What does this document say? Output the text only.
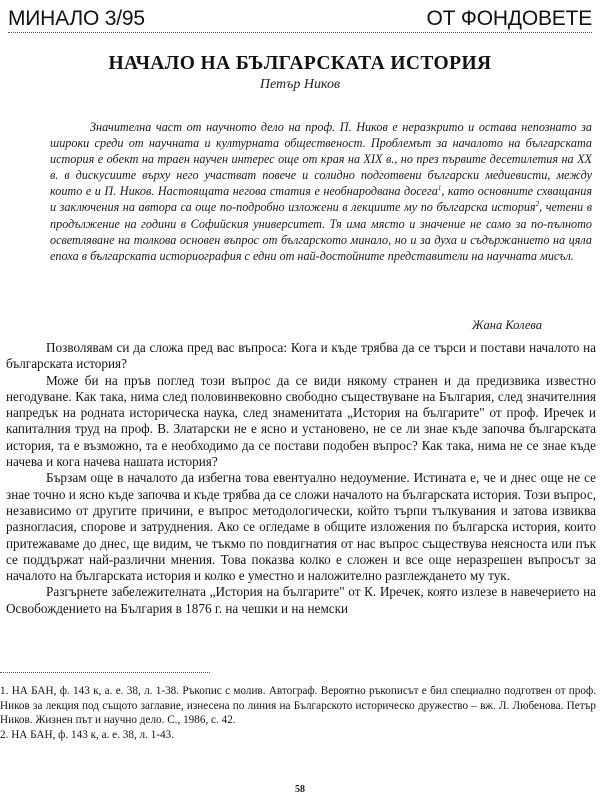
МИНАЛО 3/95	ОТ ФОНДОВЕТЕ
НАЧАЛО НА БЪЛГАРСКАТА ИСТОРИЯ
Петър Ников

Значителна част от научното дело на проф. П. Ников е неразкрито и остава непознато за широки среди от научната и културната общественост. Проблемът за началото на българската история е обект на траен научен интерес още от края на XIX в., но през първите десетилетия на XX в. в дискусиите върху него участват повече и солидно подготвени български медиевисти, между които е и П. Ников. Настоящата негова статия е необнародвана досега$^1$, като основните схващания и заключения на автора са още по-подробно изложени в лекциите му по българска история$^2$, четени в продължение на години в Софийския университет. Тя има място и значение не само за по-пълното осветляване на толкова основен въпрос от българското минало, но и за духа и съдържанието на цяла епоха в българската историография с едни от най-достойните представители на научната мисъл.

Жана Колева

Позволявам си да сложа пред вас въпроса: Кога и къде трябва да се търси и постави началото на българската история?

Може би на пръв поглед този въпрос да се види някому странен и да предизвика известно негодуване. Как така, нима след половинвековно свободно съществуване на България, след значителния напредък на родната историческа наука, след знаменитата „История на българите" от проф. Иречек и капиталния труд на проф. В. Златарски не е ясно и установено, не се ли знае къде започва българската история, та е възможно, та е необходимо да се постави подобен въпрос? Как така, нима не се знае къде начева и кога начева нашата история?

Бързам още в началото да избегна това евентуално недоумение. Истината е, че и днес още не се знае точно и ясно къде започва и къде трябва да се сложи началото на българската история. Този въпрос, независимо от другите причини, е въпрос методологически, който търпи тълкувания и затова извиква разногласия, спорове и затруднения. Ако се огледаме в общите изложения по българска история, които притежаваме до днес, ще видим, че тъкмо по повдигнатия от нас въпрос съществува неясноста или пък се поддържат най-различни мнения. Това показва колко е сложен и все още неразрешен въпросът за началото на българската история и колко е уместно и наложително разглеждането му тук.

Разгърнете забележителната „История на българите" от К. Иречек, която излезе в навечерието на Освобождението на България в 1876 г. на чешки и на немски

1. НА БАН, ф. 143 к, а. е. 38, л. 1-38. Ръкопис с молив. Автограф. Вероятно ръкописът е бил специално подготвен от проф. Ников за лекция под същото заглавие, изнесена по линия на Българското историческо дружество – вж. Л. Любенова. Петър Ников. Жизнен път и научно дело. С., 1986, с. 42.

2. НА БАН, ф. 143 к, а. е. 38, л. 1-43.

58
